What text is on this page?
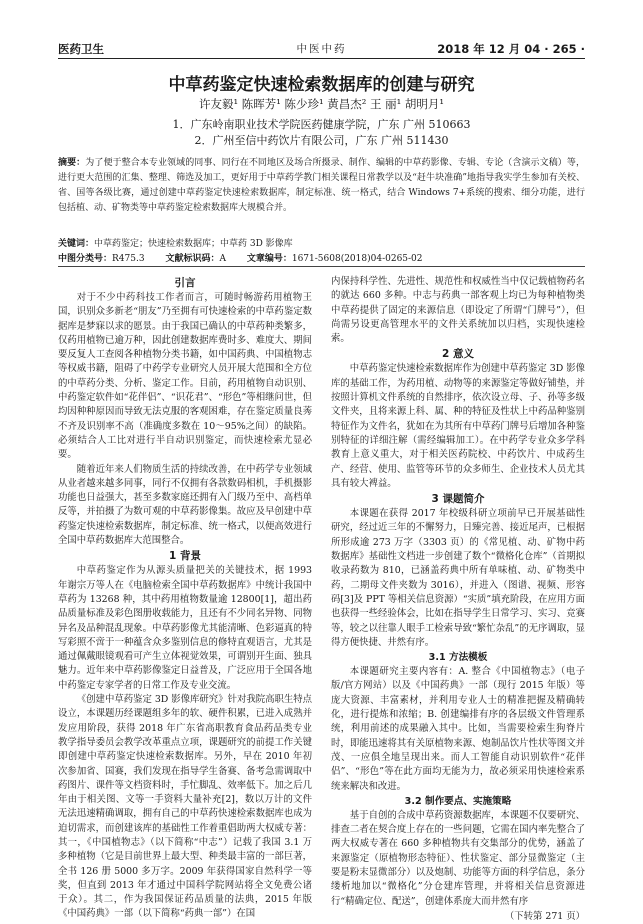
医药卫生	中医中药	2018 年 12 月 04 · 265 ·
中草药鉴定快速检索数据库的创建与研究
许友毅¹ 陈晖芳¹ 陈少珍¹ 黄昌杰² 王 丽¹ 胡明月¹
1．广东岭南职业技术学院医药健康学院，广东 广州 510663
2．广州至信中药饮片有限公司，广东 广州 511430
摘要：为了便于整合本专业领域的同事、同行在不同地区及场合所摄录、制作、编辑的中草药影像、专辑、专论（含演示文稿）等，进行更大范围的汇集、整理、筛选及加工，更好用于中草药学教门相关课程日常教学以及“赶牛块准确”地指导我实学生参加有关校、省、国等各级比赛，通过创建中草药鉴定快速检索数据库，制定标准、统一格式，结合 Windows 7+系统的搜索、细分功能，进行包括植、动、矿物类等中草药鉴定检索数据库大规模合并。
关键词：中草药鉴定；快速检索数据库；中草药 3D 影像库
中图分类号：R475.3 文献标识码：A 文章编号：1671-5608(2018)04-0265-02
引言

对于不少中药科技工作者而言，可随时畅游药用植物王国，识别众多新老“朋友”乃至拥有可快速检索的中草药鉴定数据库是梦寐以求的愿景。由于我国已确认的中草药种类繁多，仅药用植物已逾万种，因此创建数据库费时多、难度大、期间要反复人工查阅各种植物分类书籍，如中国药典、中国植物志等权威书籍，阻碍了中药学专业研究人员开展大范围和全方位的中草药分类、分析、鉴定工作。目前，药用植物自动识别、中药鉴定软件如“花伴侣”、“识花君”、“形色”等相继问世，但均因种种原因而导致无法克服的客观困难，存在鉴定质量良莠不齐及识别率不高（准确度多数在 10～95%之间）的缺陷。必须结合人工比对进行半自动识别鉴定，而快速检索尤显必要。

随着近年来人们物质生活的持续改善，在中药学专业领域从业者越来越多同事，同行不仅拥有各款数码相机，手机摄影功能也日益强大，甚至多数家庭还拥有入门级乃至中、高档单反等，并拍摄了为数可观的中草药影像集。故应及早创建中草药鉴定快速检索数据库，制定标准、统一格式，以便高效进行全国中草药数据库大范围整合。

1 背景

中草药鉴定作为从源头质量把关的关键技术，据 1993 年谢宗万等人在《电脑检索全国中草药数据库》中统计我国中草药为 13268 种，其中药用植物数量逾 12800[1]，超出药品质量标准及彩色图册收载能力，且还有不少同名异物、同物异名及品种混乱现象。中草药影像尤其能清晰、色彩逼真的特写彩照不啻于一种蕴含众多鉴别信息的修特直观语言，尤其是通过佩戴眼镜观看可产生立体视觉效果，可谓别开生面、独具魅力。近年来中草药影像鉴定日益普及，广泛应用于全国各地中药鉴定专家学者的日常工作及专业交流。

《创建中草药鉴定 3D 影像库研究》针对我院高职生特点设立，本课题历经课题组多年的软、硬件积累，已进入成熟并发应用阶段，获得 2018 年广东省高职教育食品药品类专业教学指导委员会教学改革重点立项，课题研究的前提工作关键即创建中草药鉴定快速检索数据库。另外，早在 2010 年初次参加省、国赛，我们发现在指导学生备赛、备考急需调取中药图片、课件等文档资料时，手忙脚乱、效率低下。加之后几年由于相关图、文等一手资料大量补充[2]，数以万计的文件无法迅速精确调取，拥有自己的中草药快速检索数据库也成为迫切需求，而创建该库的基础性工作着重倡助两大权威专著：其一，《中国植物志》（以下简称“中志”）记载了我国 3.1 万多种植物（它是目前世界上最大型、种类最丰富的一部巨著，全书 126 册 5000 多万字。2009 年获得国家自然科学一等奖，但直到 2013 年才通过中国科学院网站将全文免费公诸于众）。其二，作为我国保证药品质量的法典，2015 年版《中国药典》一部（以下简称“药典一部”）在国

内保持科学性、先进性、规范性和权威性当中仅记载植物药名的就达 660 多种。中志与药典一部客观上均已为每种植物类中草药提供了固定的来源信息（即设定了所谓“门牌号”），但尚需另设更高管理水平的文件关系统加以归档，实现快速检索。

2 意义

中草药鉴定快速检索数据库作为创建中草药鉴定 3D 影像库的基础工作，为药用植、动物等的来源鉴定等做好铺垫，并按照计算机文件系统的自然排序，依次设立母、子、孙等多级文件夹，且将来源上科、属、种的特征及性状上中药品种鉴别特征作为文件名，犹如在为其所有中草药门牌号后增加各种鉴别特征的详细注解（需经编辑加工）。在中药学专业众多学科教育上意义重大，对于相关医药院校、中药饮片、中成药生产、经营、使用、监管等环节的众多师生、企业技术人员尤其具有较大裨益。

3 课题简介

本课题在获得 2017 年校级科研立项前早已开展基础性研究，经过近三年的不懈努力，日臻完善、接近尾声，已根据所形成逾 273 万字（3303 页）的《常见植、动、矿物中药数据库》基础性文档进一步创建了数个“微格化仓库”（首期拟收录药数为 810，已涵盖药典中所有单味植、动、矿物类中药，二期母文件夹数为 3016），并进入（图谱、视频、形容码[3]及 PPT 等相关信息资源）“实质”填充阶段，在应用方面也获得一些经验体会，比如在指导学生日常学习、实习、竞赛等，较之以往靠人眼手工检索导致“繁忙杂乱”的无序调取，显得方便快捷、井然有序。

3.1 方法模板

本课题研究主要内容有：A. 整合《中国植物志》（电子版/官方网站）以及《中国药典》一部（现行 2015 年版）等庞大资源、丰富素材，并利用专业人士的精准把握及精确转化，进行提炼和浓缩；B. 创建编排有序的各层级文件管理系统，利用前述的成果融入其中。比如，当需要检索生狗脊片时，即能迅速将其有关原植物来源、炮制品饮片性状等图文并茂、一应俱全地呈现出来。而人工智能自动识别软件“花伴侣”、“形色”等在此方面均无能为力，故必须采用快速检索系统来解决和改进。

3.2 制作要点、实施策略

基于自创的合成中草药资源数据库，本课题不仅要研究、排查二者在契合度上存在的一些问题，它需在国内率先整合了两大权威专著在 660 多种植物共有交集部分的优势，涵盖了来源鉴定（原植物形态特征）、性状鉴定、部分显微鉴定（主要是粉末显微部分）以及炮制、功能等方面的科学信息，条分缕析地加以“微格化”分仓建库管理，并将相关信息资源进行“精确定位、配送”，创建体系庞大而井然有序

（下转第 271 页）
